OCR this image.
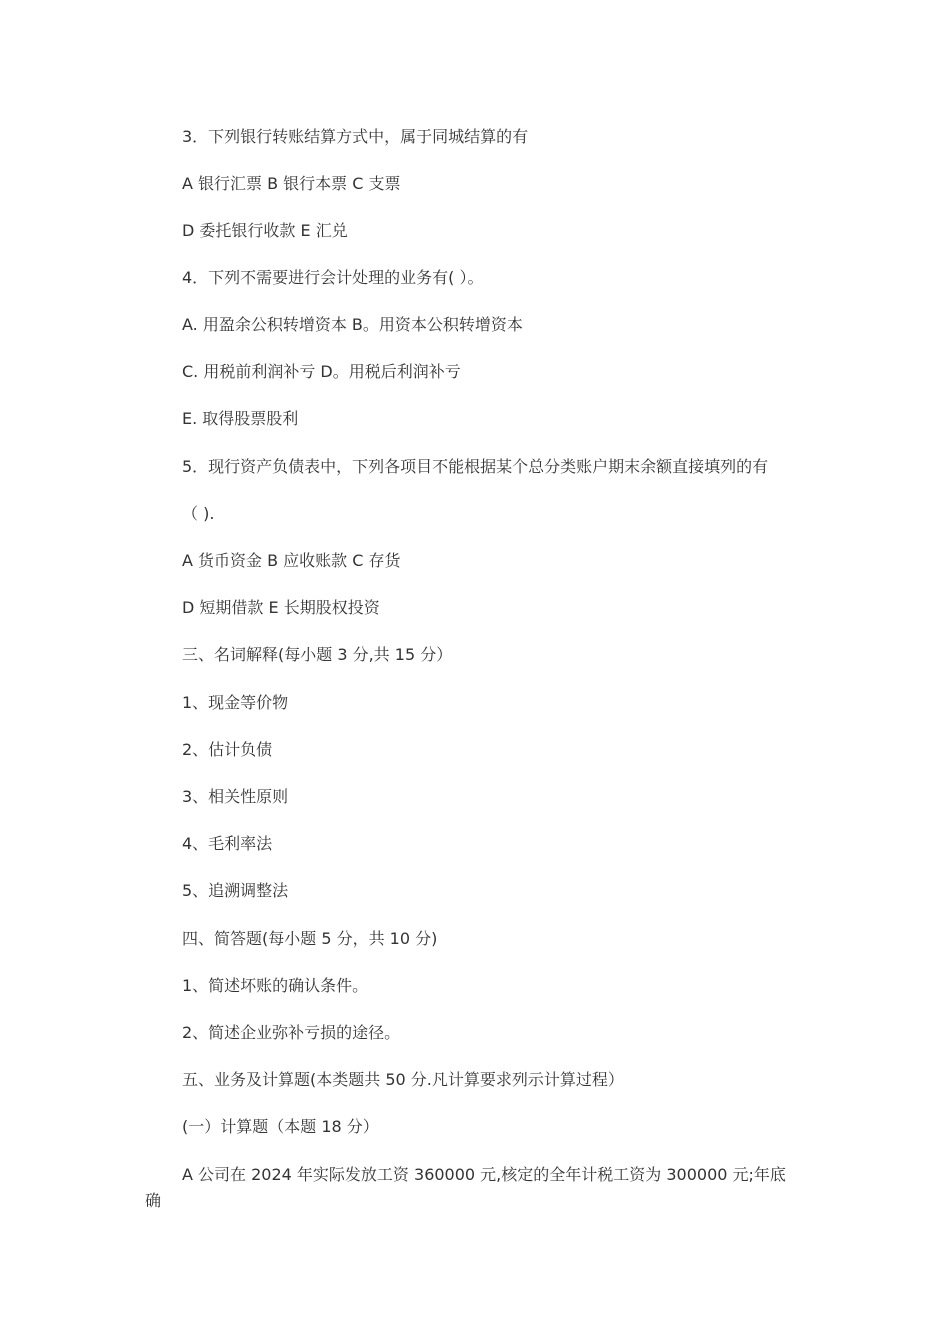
3．下列银行转账结算方式中，属于同城结算的有
A 银行汇票 B 银行本票 C 支票
D 委托银行收款 E 汇兑
4．下列不需要进行会计处理的业务有( ）。
A. 用盈余公积转增资本 B。用资本公积转增资本
C. 用税前利润补亏 D。用税后利润补亏
E. 取得股票股利
5．现行资产负债表中，下列各项目不能根据某个总分类账户期末余额直接填列的有
（ ).
A 货币资金 B 应收账款 C 存货
D 短期借款 E 长期股权投资
三、名词解释(每小题 3 分,共 15 分）
1、现金等价物
2、估计负债
3、相关性原则
4、毛利率法
5、追溯调整法
四、简答题(每小题 5 分，共 10 分)
1、简述坏账的确认条件。
2、简述企业弥补亏损的途径。
五、业务及计算题(本类题共 50 分.凡计算要求列示计算过程）
(一）计算题（本题 18 分）
A 公司在 2024 年实际发放工资 360000 元,核定的全年计税工资为 300000 元;年底
确
